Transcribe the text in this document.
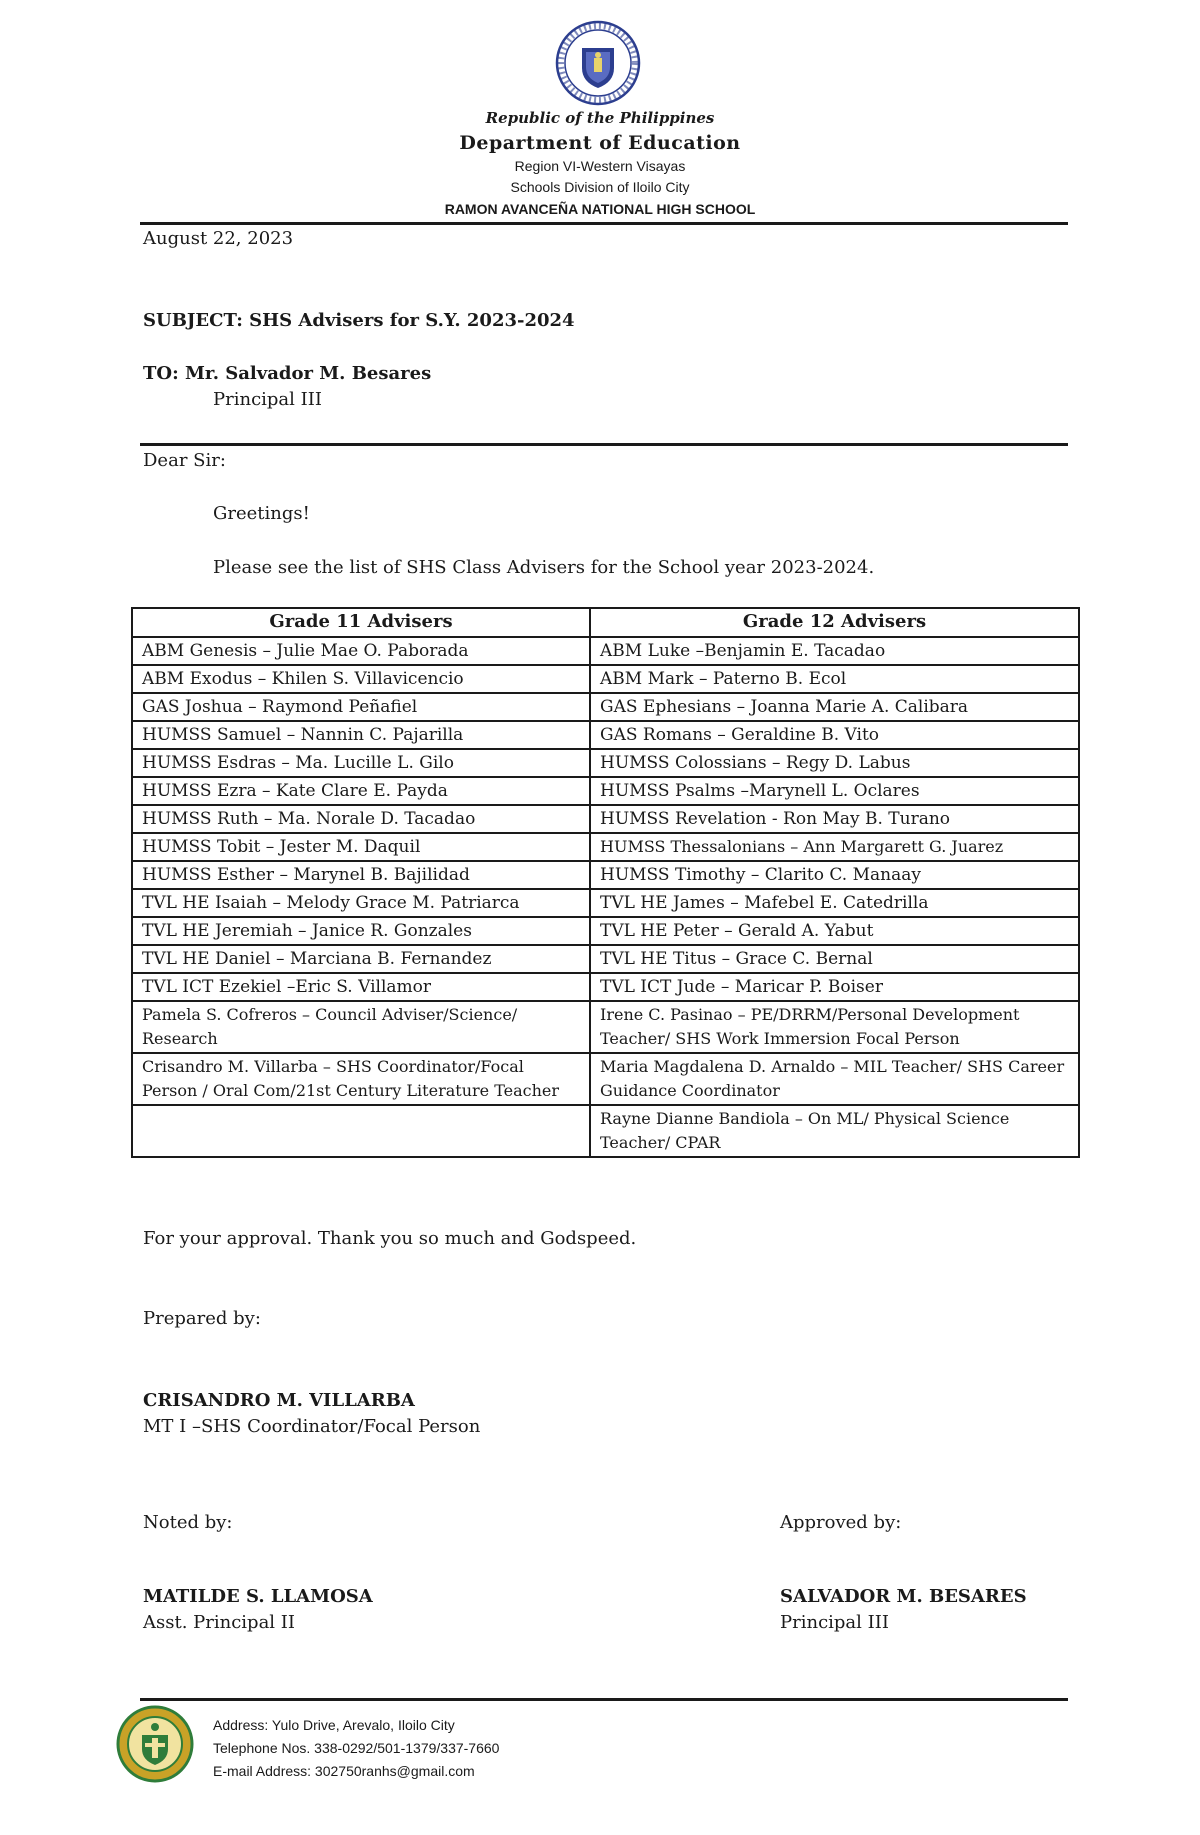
Republic of the Philippines
Department of Education
Region VI-Western Visayas
Schools Division of Iloilo City
RAMON AVANCEÑA NATIONAL HIGH SCHOOL
August 22, 2023
SUBJECT: SHS Advisers for S.Y. 2023-2024
TO: Mr. Salvador M. Besares
Principal III
Dear Sir:
Greetings!
Please see the list of SHS Class Advisers for the School year 2023-2024.
Grade 11 Advisers	Grade 12 Advisers
ABM Genesis – Julie Mae O. Paborada	ABM Luke –Benjamin E. Tacadao
ABM Exodus – Khilen S. Villavicencio	ABM Mark – Paterno B. Ecol
GAS Joshua – Raymond Peñafiel	GAS Ephesians – Joanna Marie A. Calibara
HUMSS Samuel – Nannin C. Pajarilla	GAS Romans – Geraldine B. Vito
HUMSS Esdras – Ma. Lucille L. Gilo	HUMSS Colossians – Regy D. Labus
HUMSS Ezra – Kate Clare E. Payda	HUMSS Psalms –Marynell L. Oclares
HUMSS Ruth – Ma. Norale D. Tacadao	HUMSS Revelation - Ron May B. Turano
HUMSS Tobit – Jester M. Daquil	HUMSS Thessalonians – Ann Margarett G. Juarez
HUMSS Esther – Marynel B. Bajilidad	HUMSS Timothy – Clarito C. Manaay
TVL HE Isaiah – Melody Grace M. Patriarca	TVL HE James – Mafebel E. Catedrilla
TVL HE Jeremiah – Janice R. Gonzales	TVL HE Peter – Gerald A. Yabut
TVL HE Daniel – Marciana B. Fernandez	TVL HE Titus – Grace C. Bernal
TVL ICT Ezekiel –Eric S. Villamor	TVL ICT Jude – Maricar P. Boiser
Pamela S. Cofreros – Council Adviser/Science/ Research	Irene C. Pasinao – PE/DRRM/Personal Development Teacher/ SHS Work Immersion Focal Person
Crisandro M. Villarba – SHS Coordinator/Focal Person / Oral Com/21st Century Literature Teacher	Maria Magdalena D. Arnaldo – MIL Teacher/ SHS Career Guidance Coordinator
	Rayne Dianne Bandiola – On ML/ Physical Science Teacher/ CPAR
For your approval. Thank you so much and Godspeed.
Prepared by:
CRISANDRO M. VILLARBA
MT I –SHS Coordinator/Focal Person
Noted by:
MATILDE S. LLAMOSA
Asst. Principal II
Approved by:
SALVADOR M. BESARES
Principal III
Address: Yulo Drive, Arevalo, Iloilo City
Telephone Nos. 338-0292/501-1379/337-7660
E-mail Address: 302750ranhs@gmail.com
